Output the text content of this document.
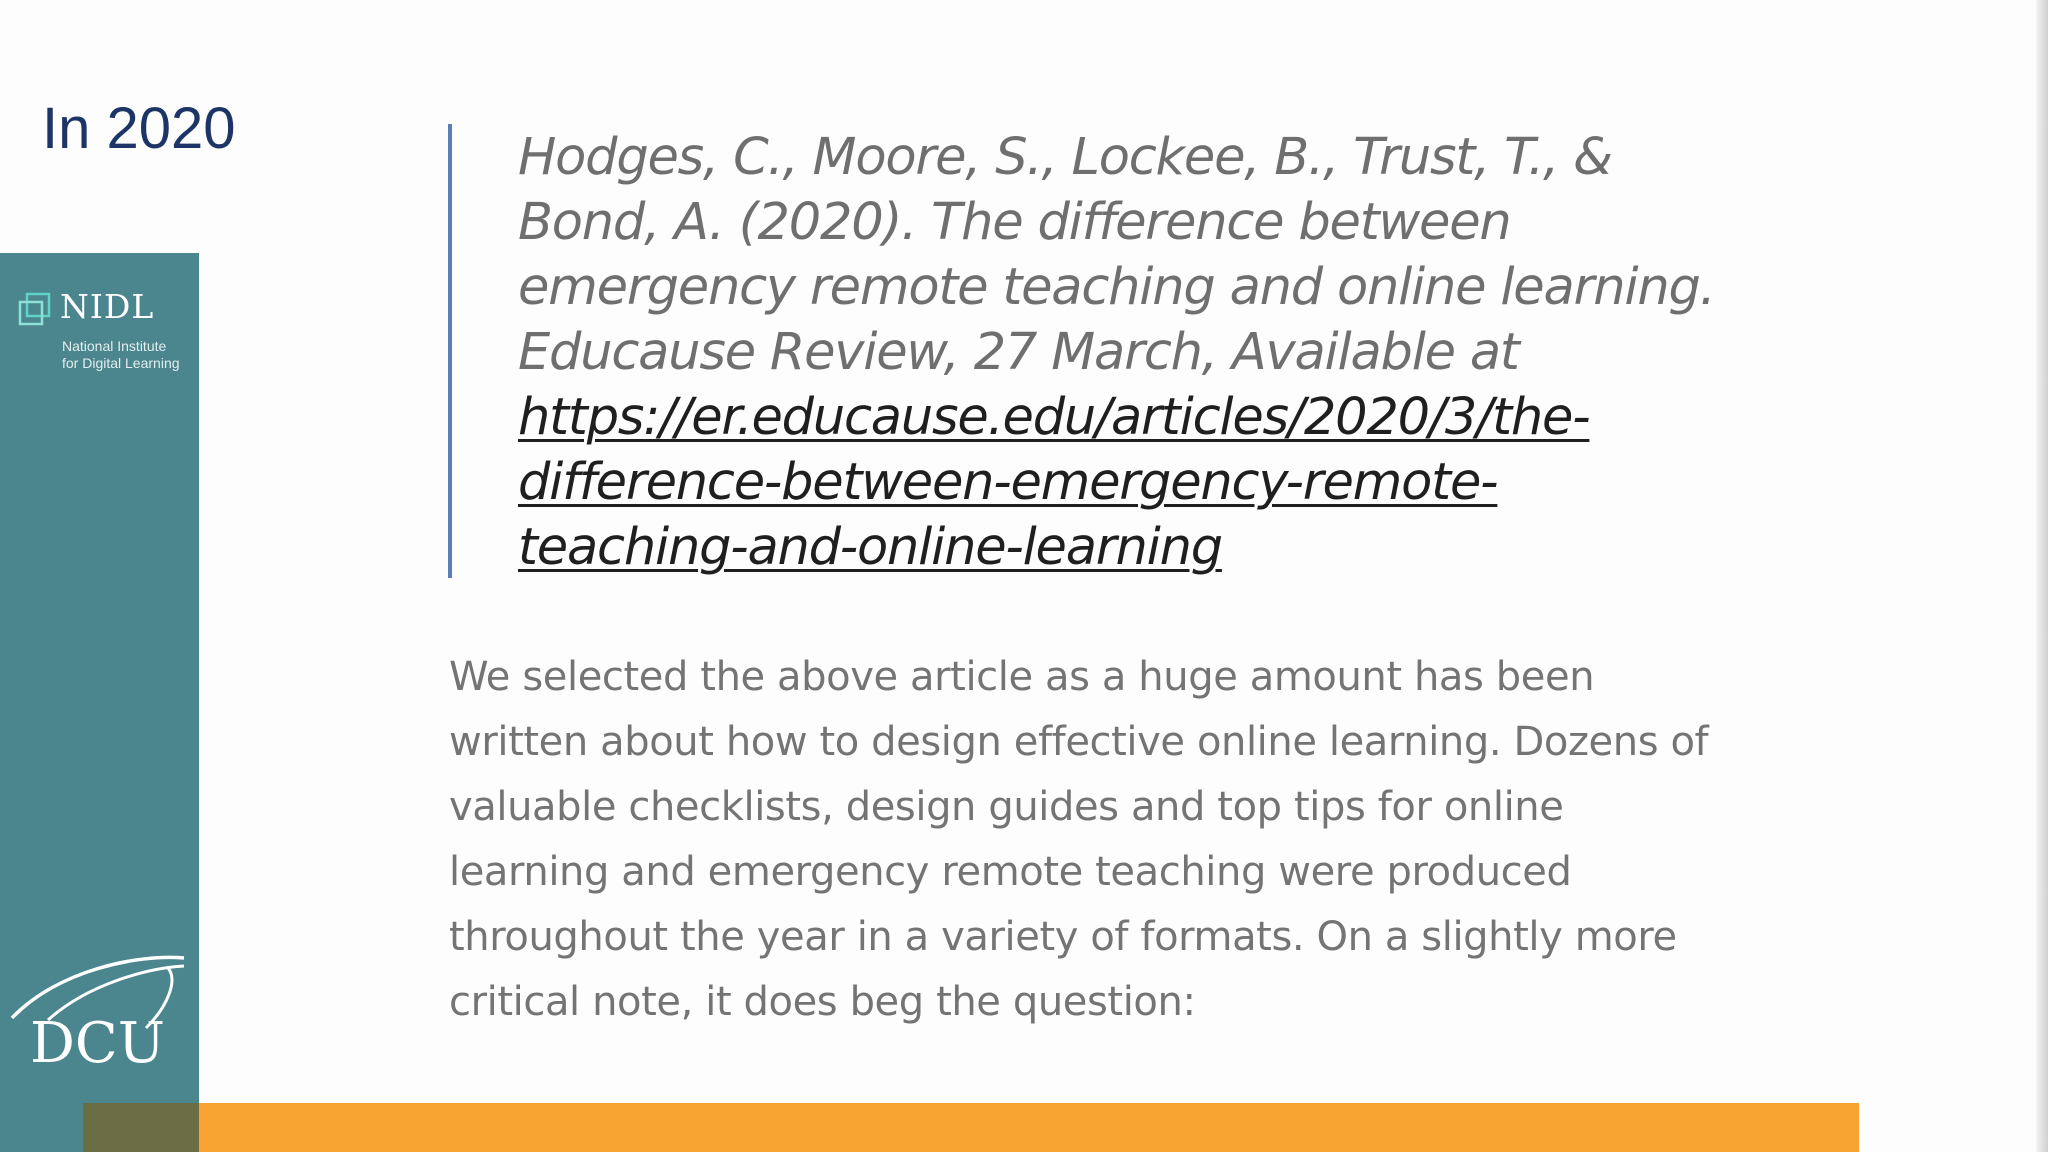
In 2020
NIDL
National Institute
for Digital Learning
DCU

Hodges, C., Moore, S., Lockee, B., Trust, T., & Bond, A. (2020). The difference between emergency remote teaching and online learning. Educause Review, 27 March, Available at https://er.educause.edu/articles/2020/3/the-difference-between-emergency-remote-teaching-and-online-learning

We selected the above article as a huge amount has been written about how to design effective online learning. Dozens of valuable checklists, design guides and top tips for online learning and emergency remote teaching were produced throughout the year in a variety of formats. On a slightly more critical note, it does beg the question:
